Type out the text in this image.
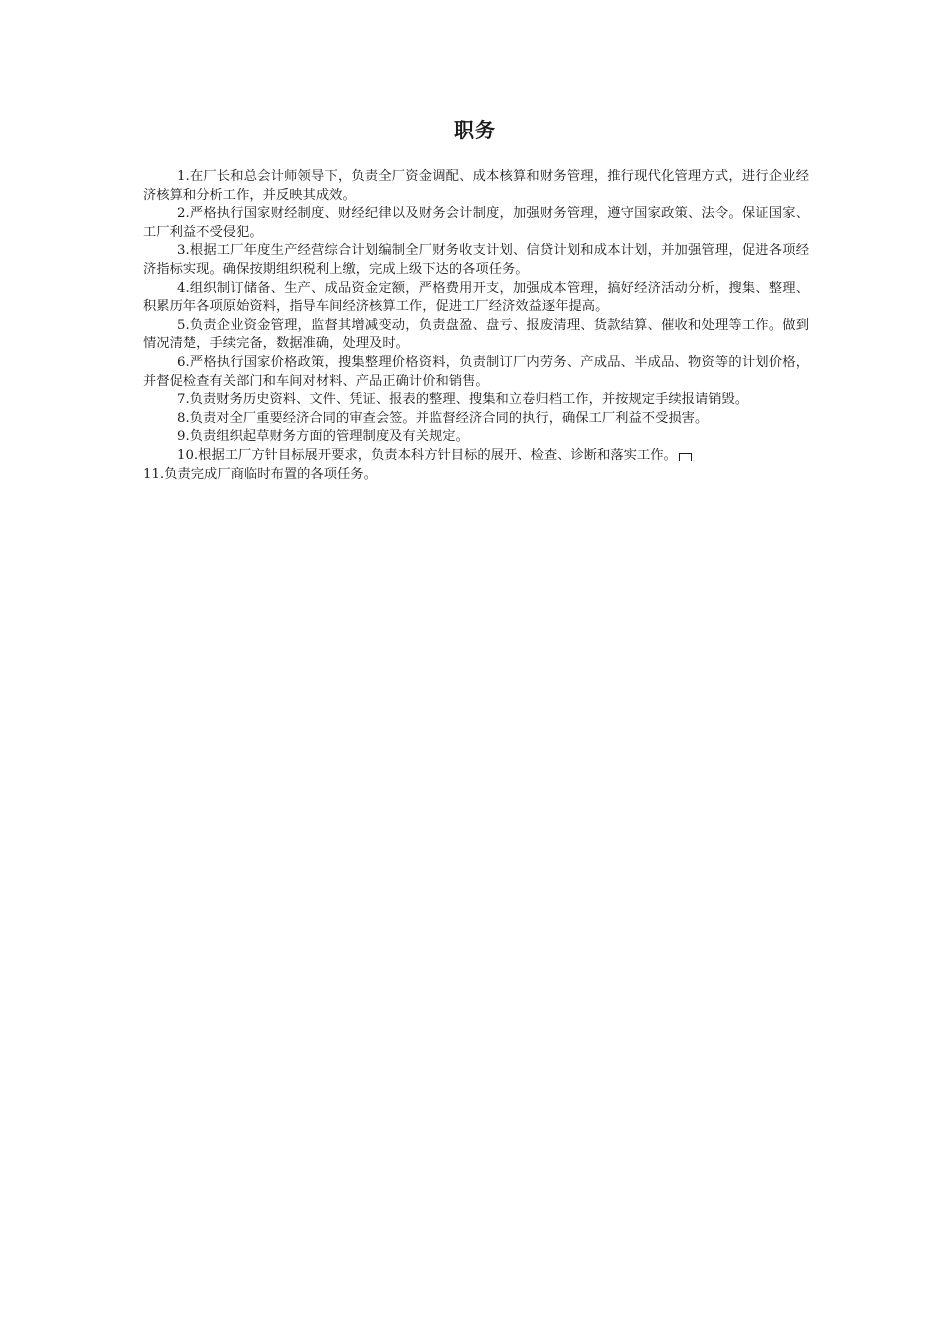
职务

1.在厂长和总会计师领导下，负责全厂资金调配、成本核算和财务管理，推行现代化管理方式，进行企业经济核算和分析工作，并反映其成效。

2.严格执行国家财经制度、财经纪律以及财务会计制度，加强财务管理，遵守国家政策、法令。保证国家、工厂利益不受侵犯。

3.根据工厂年度生产经营综合计划编制全厂财务收支计划、信贷计划和成本计划，并加强管理，促进各项经济指标实现。确保按期组织税利上缴，完成上级下达的各项任务。

4.组织制订储备、生产、成品资金定额，严格费用开支，加强成本管理，搞好经济活动分析，搜集、整理、积累历年各项原始资料，指导车间经济核算工作，促进工厂经济效益逐年提高。

5.负责企业资金管理，监督其增减变动，负责盘盈、盘亏、报废清理、货款结算、催收和处理等工作。做到情况清楚，手续完备，数据准确，处理及时。

6.严格执行国家价格政策，搜集整理价格资料，负责制订厂内劳务、产成品、半成品、物资等的计划价格，并督促检查有关部门和车间对材料、产品正确计价和销售。

7.负责财务历史资料、文件、凭证、报表的整理、搜集和立卷归档工作，并按规定手续报请销毁。

8.负责对全厂重要经济合同的审查会签。并监督经济合同的执行，确保工厂利益不受损害。

9.负责组织起草财务方面的管理制度及有关规定。

10.根据工厂方针目标展开要求，负责本科方针目标的展开、检查、诊断和落实工作。

11.负责完成厂商临时布置的各项任务。
